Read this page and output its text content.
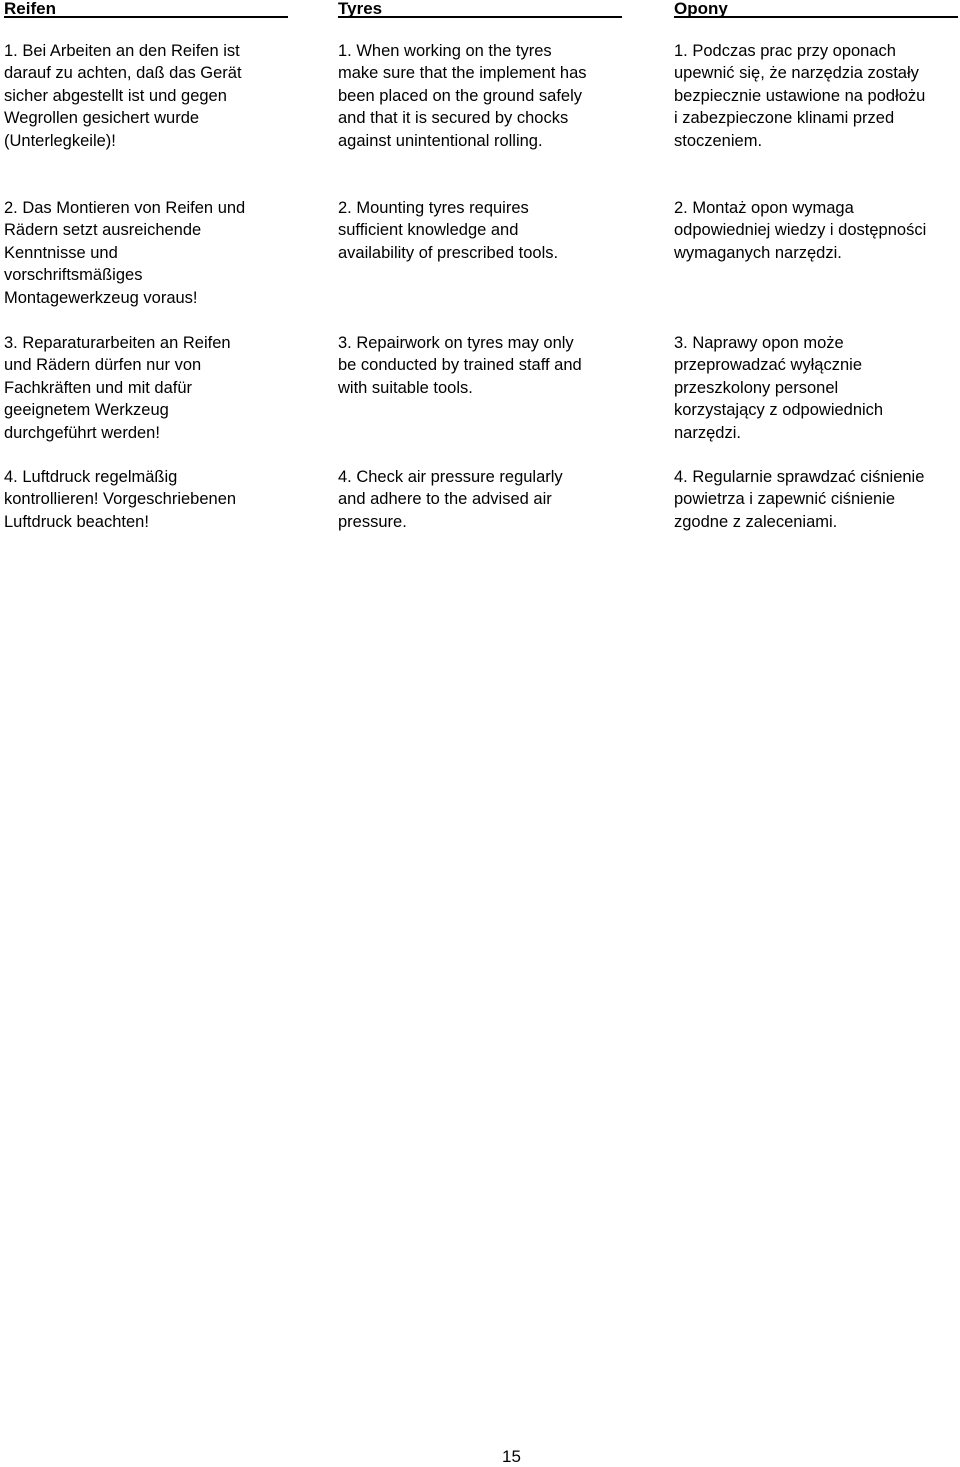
Reifen

1. Bei Arbeiten an den Reifen ist
darauf zu achten, daß das Gerät
sicher abgestellt ist und gegen
Wegrollen gesichert wurde
(Unterlegkeile)!

2. Das Montieren von Reifen und
Rädern setzt ausreichende
Kenntnisse und
vorschriftsmäßiges
Montagewerkzeug voraus!

3. Reparaturarbeiten an Reifen
und Rädern dürfen nur von
Fachkräften und mit dafür
geeignetem Werkzeug
durchgeführt werden!

4. Luftdruck regelmäßig
kontrollieren! Vorgeschriebenen
Luftdruck beachten!

Tyres

1. When working on the tyres
make sure that the implement has
been placed on the ground safely
and that it is secured by chocks
against unintentional rolling.

2. Mounting tyres requires
sufficient knowledge and
availability of prescribed tools.

3. Repairwork on tyres may only
be conducted by trained staff and
with suitable tools.

4. Check air pressure regularly
and adhere to the advised air
pressure.

Opony

1. Podczas prac przy oponach
upewnić się, że narzędzia zostały
bezpiecznie ustawione na podłożu
i zabezpieczone klinami przed
stoczeniem.

2. Montaż opon wymaga
odpowiedniej wiedzy i dostępności
wymaganych narzędzi.

3. Naprawy opon może
przeprowadzać wyłącznie
przeszkolony personel
korzystający z odpowiednich
narzędzi.

4. Regularnie sprawdzać ciśnienie
powietrza i zapewnić ciśnienie
zgodne z zaleceniami.

15
